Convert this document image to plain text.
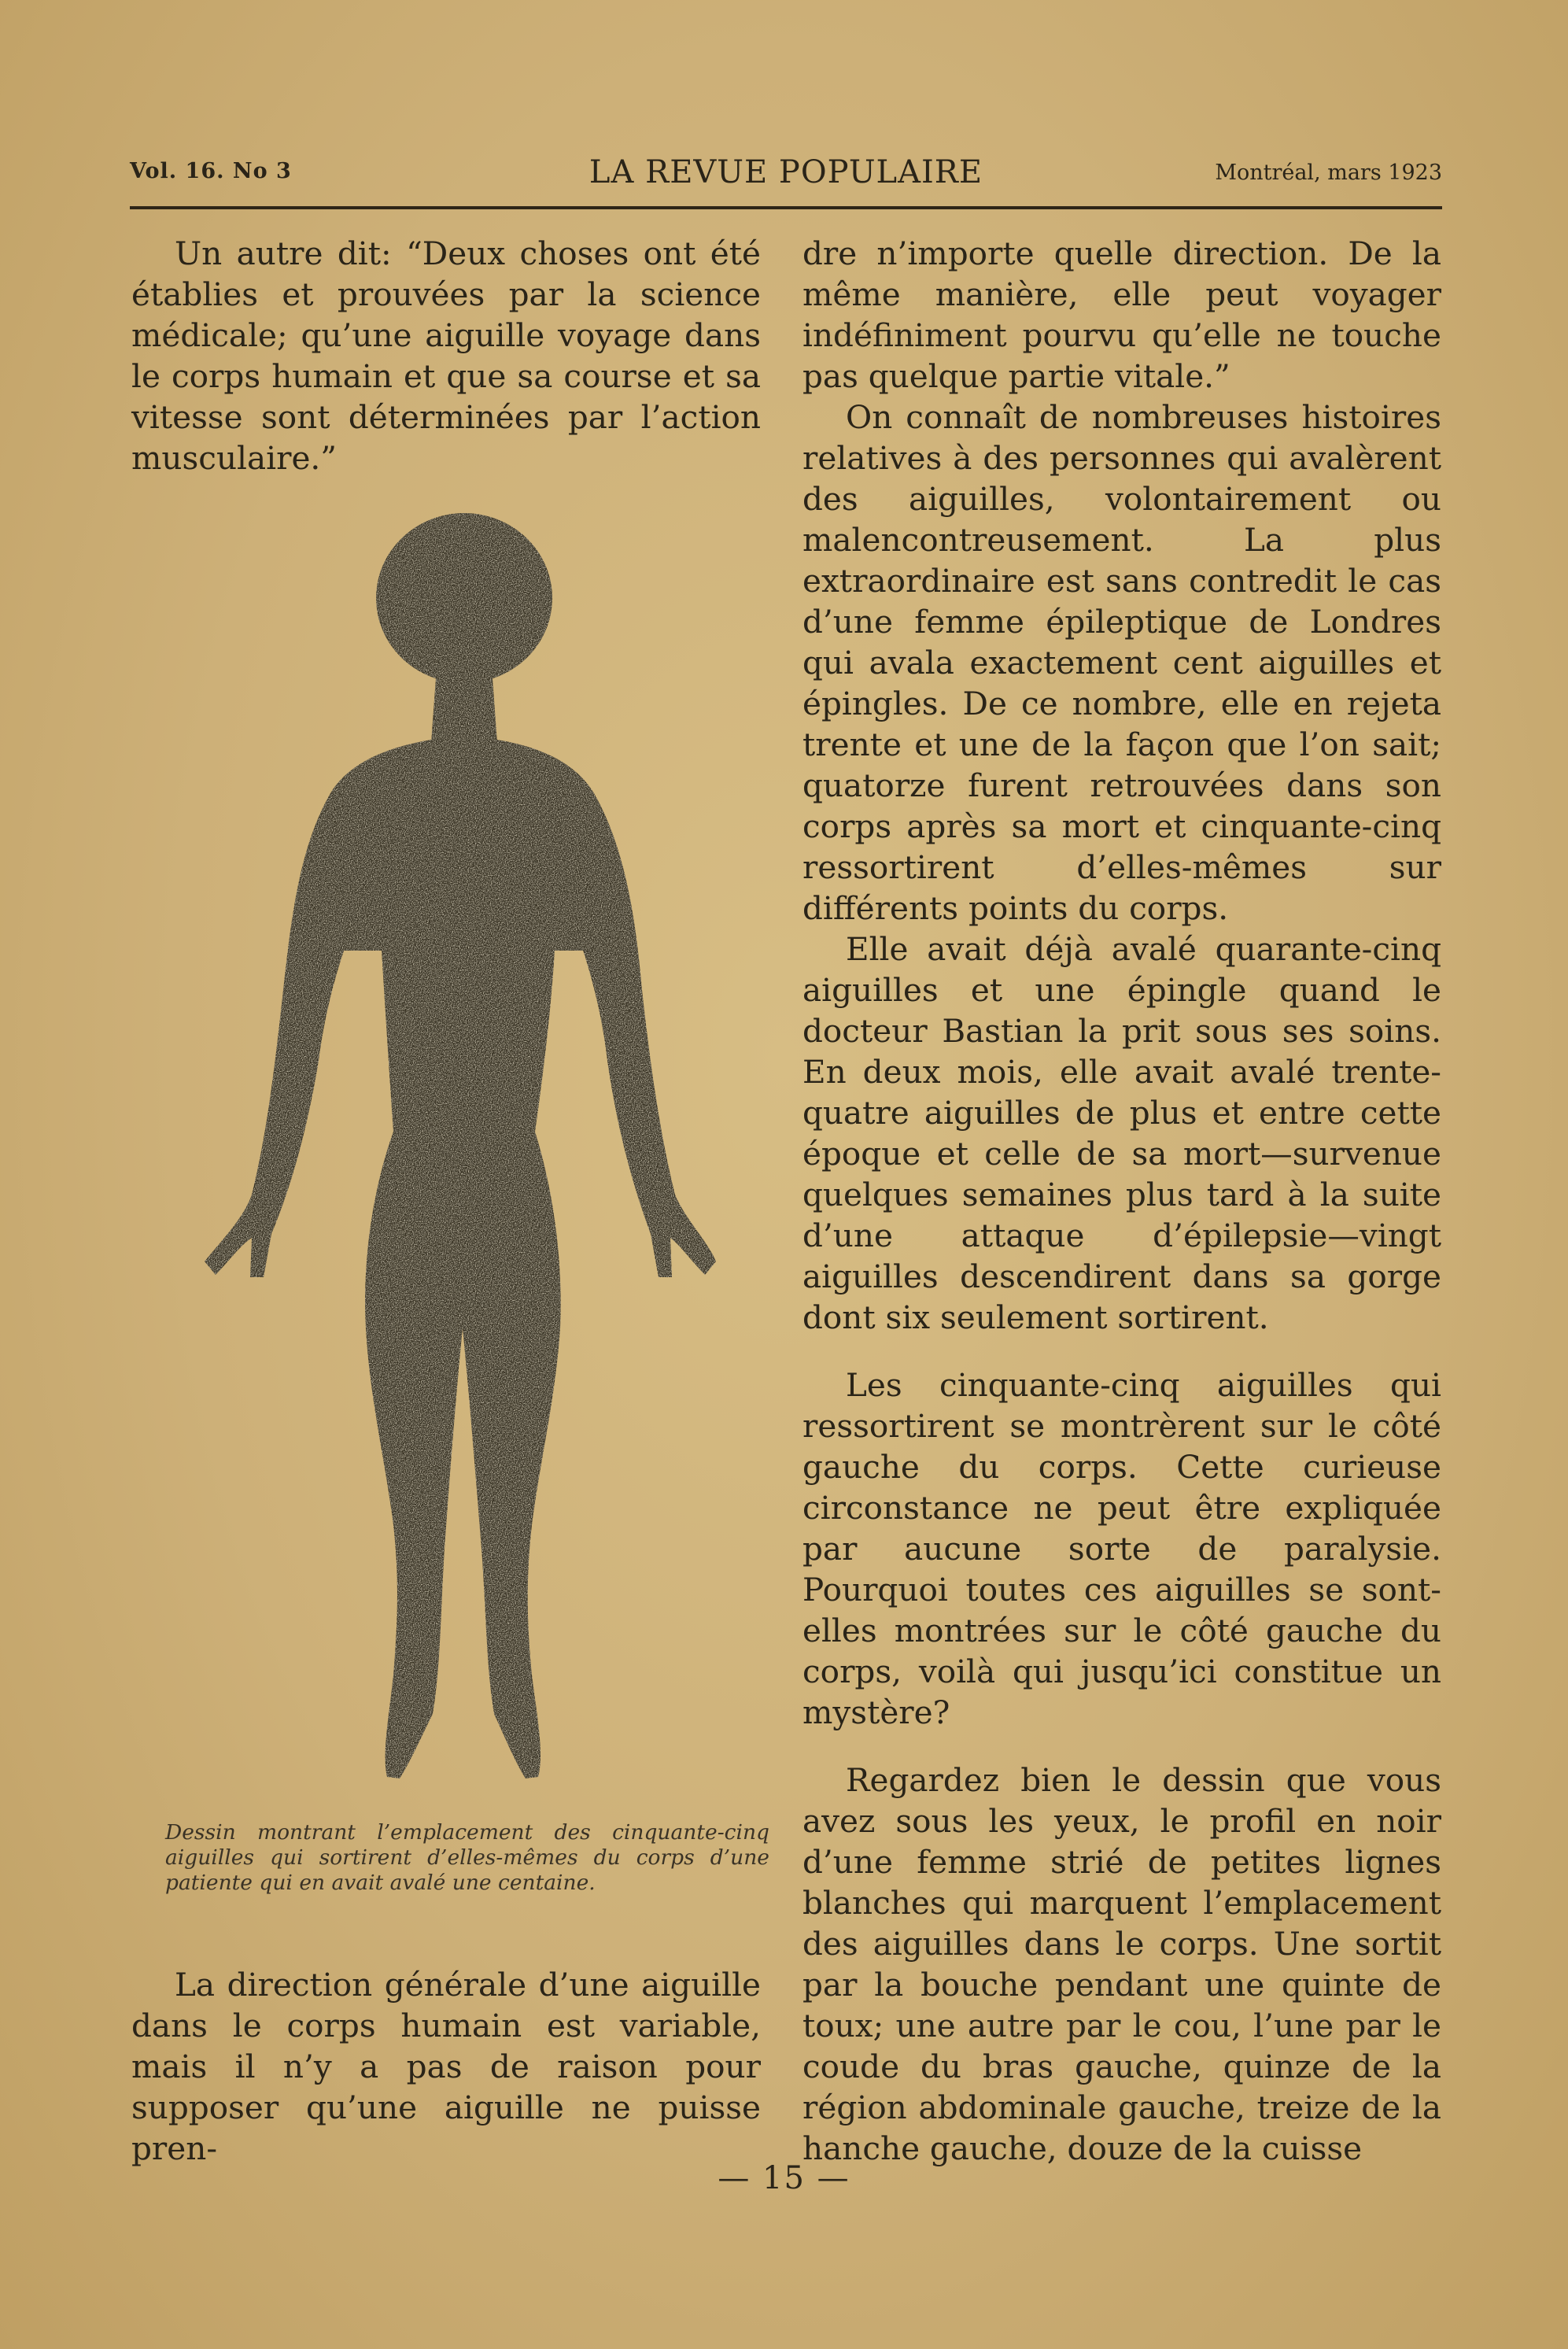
Vol. 16. No 3	LA REVUE POPULAIRE	Montréal, mars 1923

Un autre dit: “Deux choses ont été établies et prouvées par la science médicale; qu’une aiguille voyage dans le corps humain et que sa course et sa vitesse sont déterminées par l’action musculaire.”

Dessin montrant l’emplacement des cinquante-cinq aiguilles qui sortirent d’elles-mêmes du corps d’une patiente qui en avait avalé une centaine.

La direction générale d’une aiguille dans le corps humain est variable, mais il n’y a pas de raison pour supposer qu’une aiguille ne puisse pren-

dre n’importe quelle direction. De la même manière, elle peut voyager indéfiniment pourvu qu’elle ne touche pas quelque partie vitale.”

On connaît de nombreuses histoires relatives à des personnes qui avalèrent des aiguilles, volontairement ou malencontreusement. La plus extraordinaire est sans contredit le cas d’une femme épileptique de Londres qui avala exactement cent aiguilles et épingles. De ce nombre, elle en rejeta trente et une de la façon que l’on sait; quatorze furent retrouvées dans son corps après sa mort et cinquante-cinq ressortirent d’elles-mêmes sur différents points du corps.

Elle avait déjà avalé quarante-cinq aiguilles et une épingle quand le docteur Bastian la prit sous ses soins. En deux mois, elle avait avalé trente-quatre aiguilles de plus et entre cette époque et celle de sa mort—survenue quelques semaines plus tard à la suite d’une attaque d’épilepsie—vingt aiguilles descendirent dans sa gorge dont six seulement sortirent.

Les cinquante-cinq aiguilles qui ressortirent se montrèrent sur le côté gauche du corps. Cette curieuse circonstance ne peut être expliquée par aucune sorte de paralysie. Pourquoi toutes ces aiguilles se sont-elles montrées sur le côté gauche du corps, voilà qui jusqu’ici constitue un mystère?

Regardez bien le dessin que vous avez sous les yeux, le profil en noir d’une femme strié de petites lignes blanches qui marquent l’emplacement des aiguilles dans le corps. Une sortit par la bouche pendant une quinte de toux; une autre par le cou, l’une par le coude du bras gauche, quinze de la région abdominale gauche, treize de la hanche gauche, douze de la cuisse

— 15 —
